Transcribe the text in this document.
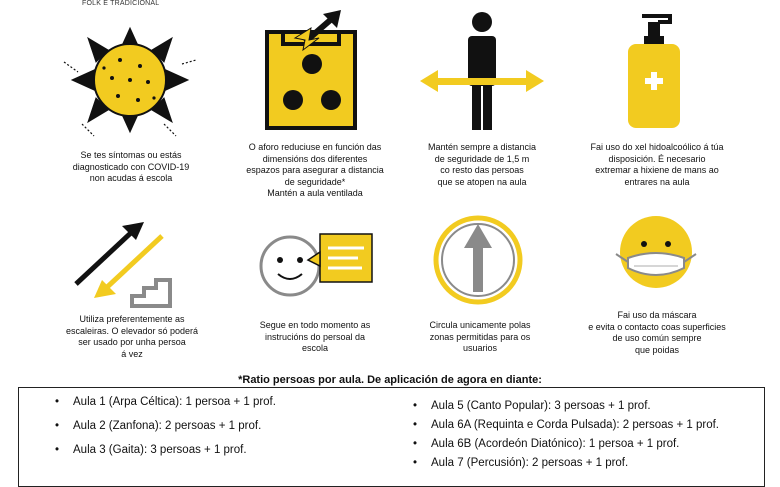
FOLK E TRADICIONAL
Se tes síntomas ou estás
diagnosticado con COVID-19
non acudas á escola
O aforo reduciuse en función das
dimensións dos diferentes
espazos para asegurar a distancia
de seguridade*
Mantén a aula ventilada
Mantén sempre a distancia
de seguridade de 1,5 m
co resto das persoas
que se atopen na aula
Fai uso do xel hidoalcoólico á túa
disposición. É necesario
extremar a hixiene de mans ao
entrares na aula
Utiliza preferentemente as
escaleiras. O elevador só poderá
ser usado por unha persoa
á vez
Segue en todo momento as
instrucións do persoal da
escola
Circula unicamente polas
zonas permitidas para os
usuarios
Fai uso da máscara
e evita o contacto coas superficies
de uso común sempre
que poidas
*Ratio persoas por aula. De aplicación de agora en diante:
• Aula 1 (Arpa Céltica): 1 persoa + 1 prof.
• Aula 2 (Zanfona): 2 persoas + 1 prof.
• Aula 3 (Gaita): 3 persoas + 1 prof.
• Aula 5 (Canto Popular): 3 persoas + 1 prof.
• Aula 6A (Requinta e Corda Pulsada): 2 persoas + 1 prof.
• Aula 6B (Acordeón Diatónico): 1 persoa + 1 prof.
• Aula 7 (Percusión): 2 persoas + 1 prof.
